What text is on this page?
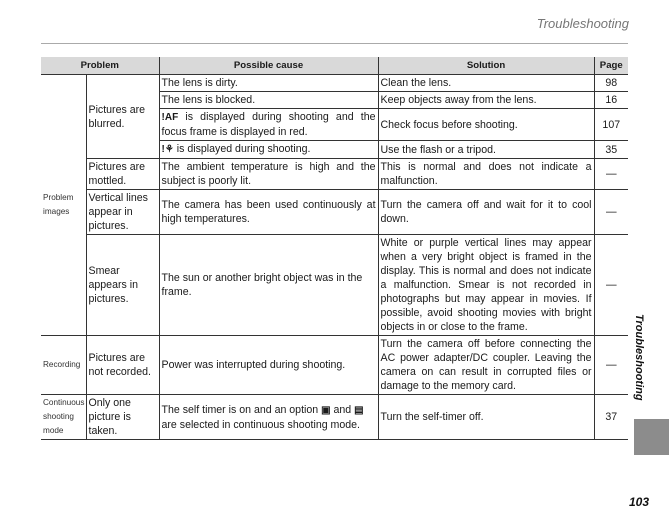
Troubleshooting
Problem		Possible cause	Solution	Page
Problem images	Pictures are blurred.	The lens is dirty.	Clean the lens.	98
		The lens is blocked.	Keep objects away from the lens.	16
		!AF is displayed during shooting and the focus frame is displayed in red.	Check focus before shooting.	107
		!⚘ is displayed during shooting.	Use the flash or a tripod.	35
	Pictures are mottled.	The ambient temperature is high and the subject is poorly lit.	This is normal and does not indicate a malfunction.	—
	Vertical lines appear in pictures.	The camera has been used continuously at high temperatures.	Turn the camera off and wait for it to cool down.	—
	Smear appears in pictures.	The sun or another bright object was in the frame.	White or purple vertical lines may appear when a very bright object is framed in the display. This is normal and does not indicate a malfunction. Smear is not recorded in photographs but may appear in movies. If possible, avoid shooting movies with bright objects in or close to the frame.	—
Recording	Pictures are not recorded.	Power was interrupted during shooting.	Turn the camera off before connecting the AC power adapter/DC coupler. Leaving the camera on can result in corrupted files or damage to the memory card.	—
Continuous shooting mode	Only one picture is taken.	The self timer is on and an option ▣ and ▤ are selected in continuous shooting mode.	Turn the self-timer off.	37
Troubleshooting
103
